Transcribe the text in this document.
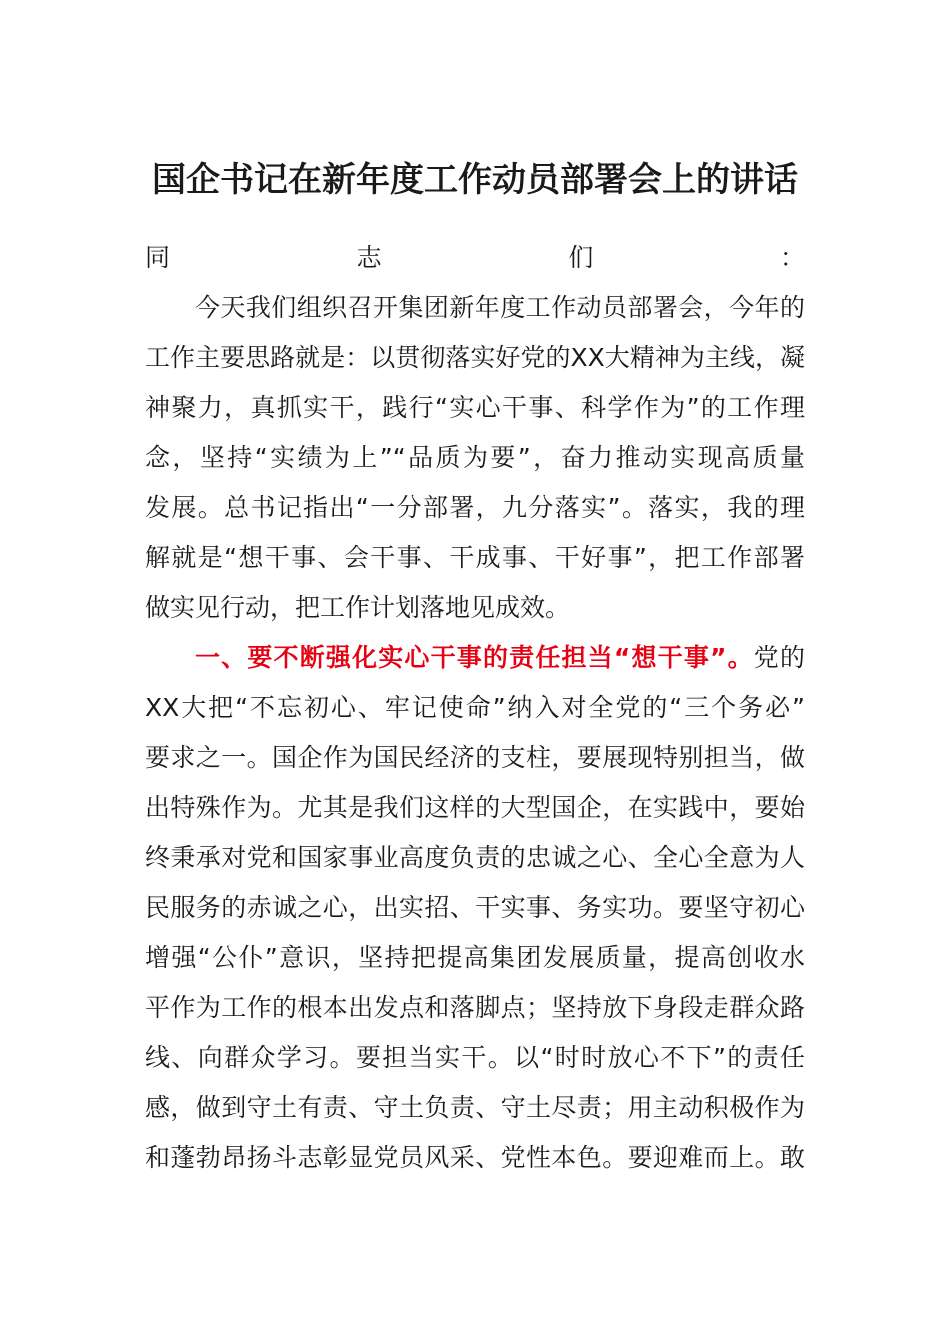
国企书记在新年度工作动员部署会上的讲话
同志们：
今天我们组织召开集团新年度工作动员部署会，今年的
工作主要思路就是：以贯彻落实好党的XX大精神为主线，凝
神聚力，真抓实干，践行“实心干事、科学作为”的工作理
念，坚持“实绩为上”“品质为要”，奋力推动实现高质量
发展。总书记指出“一分部署，九分落实”。落实，我的理
解就是“想干事、会干事、干成事、干好事”，把工作部署
做实见行动，把工作计划落地见成效。
一、要不断强化实心干事的责任担当“想干事”。党的
XX大把“不忘初心、牢记使命”纳入对全党的“三个务必”
要求之一。国企作为国民经济的支柱，要展现特别担当，做
出特殊作为。尤其是我们这样的大型国企，在实践中，要始
终秉承对党和国家事业高度负责的忠诚之心、全心全意为人
民服务的赤诚之心，出实招、干实事、务实功。要坚守初心
增强“公仆”意识，坚持把提高集团发展质量，提高创收水
平作为工作的根本出发点和落脚点；坚持放下身段走群众路
线、向群众学习。要担当实干。以“时时放心不下”的责任
感，做到守土有责、守土负责、守土尽责；用主动积极作为
和蓬勃昂扬斗志彰显党员风采、党性本色。要迎难而上。敢
